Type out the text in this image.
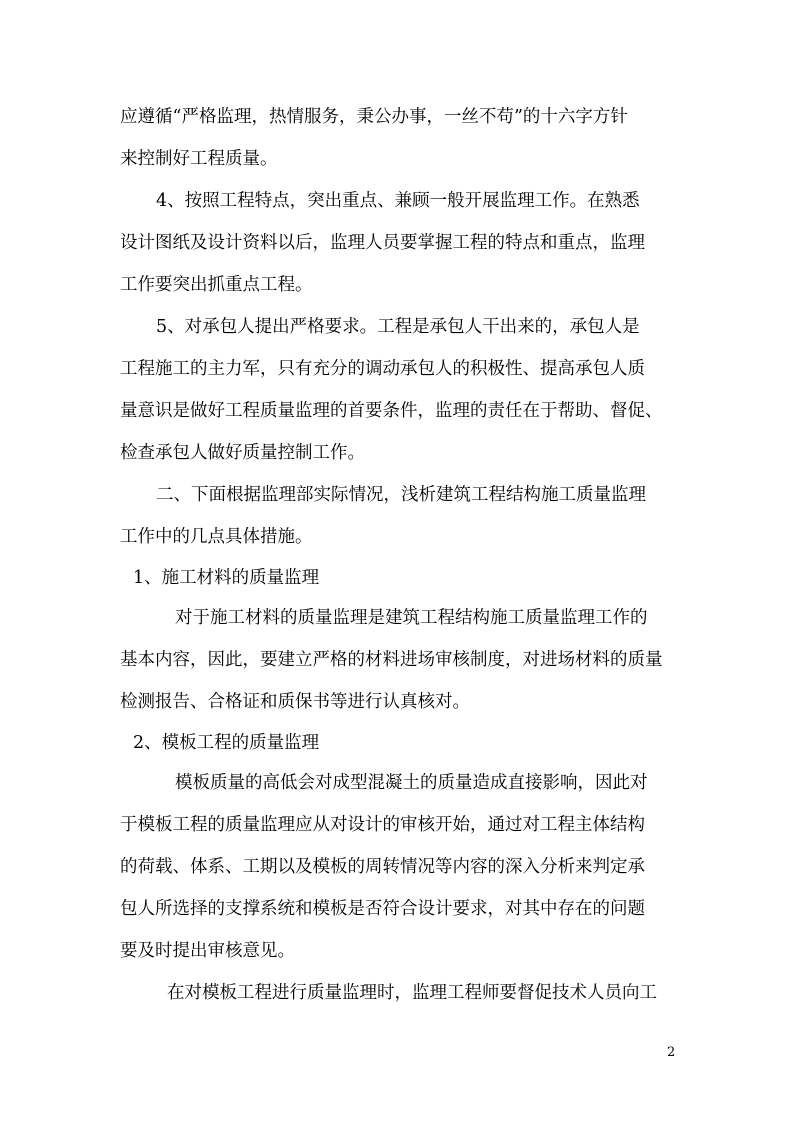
应遵循“严格监理，热情服务，秉公办事，一丝不苟”的十六字方针
来控制好工程质量。
4、按照工程特点，突出重点、兼顾一般开展监理工作。在熟悉
设计图纸及设计资料以后，监理人员要掌握工程的特点和重点，监理
工作要突出抓重点工程。
5、对承包人提出严格要求。工程是承包人干出来的，承包人是
工程施工的主力军，只有充分的调动承包人的积极性、提高承包人质
量意识是做好工程质量监理的首要条件，监理的责任在于帮助、督促、
检查承包人做好质量控制工作。
二、下面根据监理部实际情况，浅析建筑工程结构施工质量监理
工作中的几点具体措施。
1、施工材料的质量监理
对于施工材料的质量监理是建筑工程结构施工质量监理工作的
基本内容，因此，要建立严格的材料进场审核制度，对进场材料的质量
检测报告、合格证和质保书等进行认真核对。
2、模板工程的质量监理
模板质量的高低会对成型混凝土的质量造成直接影响，因此对
于模板工程的质量监理应从对设计的审核开始，通过对工程主体结构
的荷载、体系、工期以及模板的周转情况等内容的深入分析来判定承
包人所选择的支撑系统和模板是否符合设计要求，对其中存在的问题
要及时提出审核意见。
在对模板工程进行质量监理时，监理工程师要督促技术人员向工
2
